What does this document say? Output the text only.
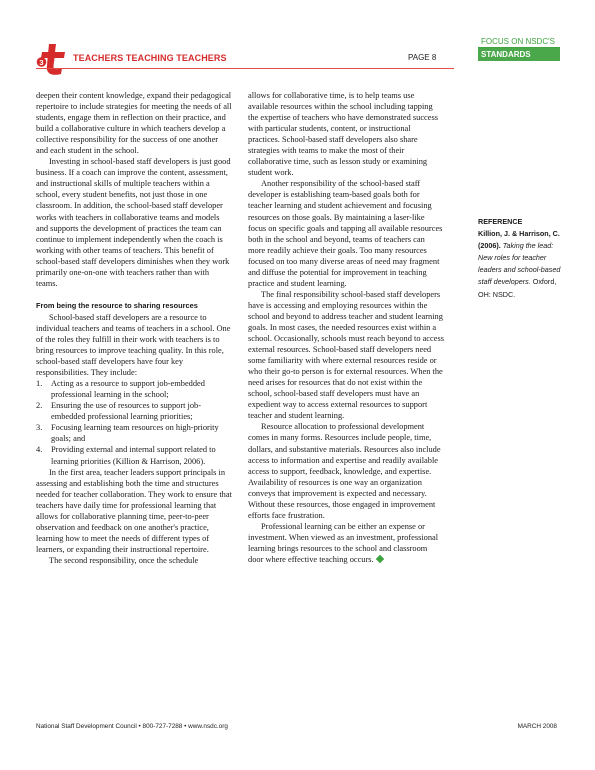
3	TEACHERS TEACHING TEACHERS	PAGE 8
FOCUS ON NSDC'S
STANDARDS

deepen their content knowledge, expand their pedagogical repertoire to include strategies for meeting the needs of all students, engage them in reflection on their practice, and build a collaborative culture in which teachers develop a collective responsibility for the success of one another and each student in the school.

Investing in school-based staff developers is just good business. If a coach can improve the content, assessment, and instructional skills of multiple teachers within a school, every student benefits, not just those in one classroom. In addition, the school-based staff developer works with teachers in collaborative teams and models and supports the development of practices the team can continue to implement independently when the coach is working with other teams of teachers. This benefit of school-based staff developers diminishes when they work primarily one-on-one with teachers rather than with teams.

From being the resource to sharing resources

School-based staff developers are a resource to individual teachers and teams of teachers in a school. One of the roles they fulfill in their work with teachers is to bring resources to improve teaching quality. In this role, school-based staff developers have four key responsibilities. They include:

1. Acting as a resource to support job-embedded professional learning in the school;
2. Ensuring the use of resources to support job-embedded professional learning priorities;
3. Focusing learning team resources on high-priority goals; and
4. Providing external and internal support related to learning priorities (Killion & Harrison, 2006).

In the first area, teacher leaders support principals in assessing and establishing both the time and structures needed for teacher collaboration. They work to ensure that teachers have daily time for professional learning that allows for collaborative planning time, peer-to-peer observation and feedback on one another's practice, learning how to meet the needs of different types of learners, or expanding their instructional repertoire.

The second responsibility, once the schedule

allows for collaborative time, is to help teams use available resources within the school including tapping the expertise of teachers who have demonstrated success with particular students, content, or instructional practices. School-based staff developers also share strategies with teams to make the most of their collaborative time, such as lesson study or examining student work.

Another responsibility of the school-based staff developer is establishing team-based goals both for teacher learning and student achievement and focusing resources on those goals. By maintaining a laser-like focus on specific goals and tapping all available resources both in the school and beyond, teams of teachers can more readily achieve their goals. Too many resources focused on too many diverse areas of need may fragment and diffuse the potential for improvement in teaching practice and student learning.

The final responsibility school-based staff developers have is accessing and employing resources within the school and beyond to address teacher and student learning goals. In most cases, the needed resources exist within a school. Occasionally, schools must reach beyond to access external resources. School-based staff developers need some familiarity with where external resources reside or who their go-to person is for external resources. When the need arises for resources that do not exist within the school, school-based staff developers must have an expedient way to access external resources to support teacher and student learning.

Resource allocation to professional development comes in many forms. Resources include people, time, dollars, and substantive materials. Resources also include access to information and expertise and readily available access to support, feedback, knowledge, and expertise. Availability of resources is one way an organization conveys that improvement is expected and necessary. Without these resources, those engaged in improvement efforts face frustration.

Professional learning can be either an expense or investment. When viewed as an investment, professional learning brings resources to the school and classroom door where effective teaching occurs.

REFERENCE
Killion, J. & Harrison, C. (2006). Taking the lead: New roles for teacher leaders and school-based staff developers. Oxford, OH: NSDC.
National Staff Development Council • 800-727-7288 • www.nsdc.org	MARCH 2008
